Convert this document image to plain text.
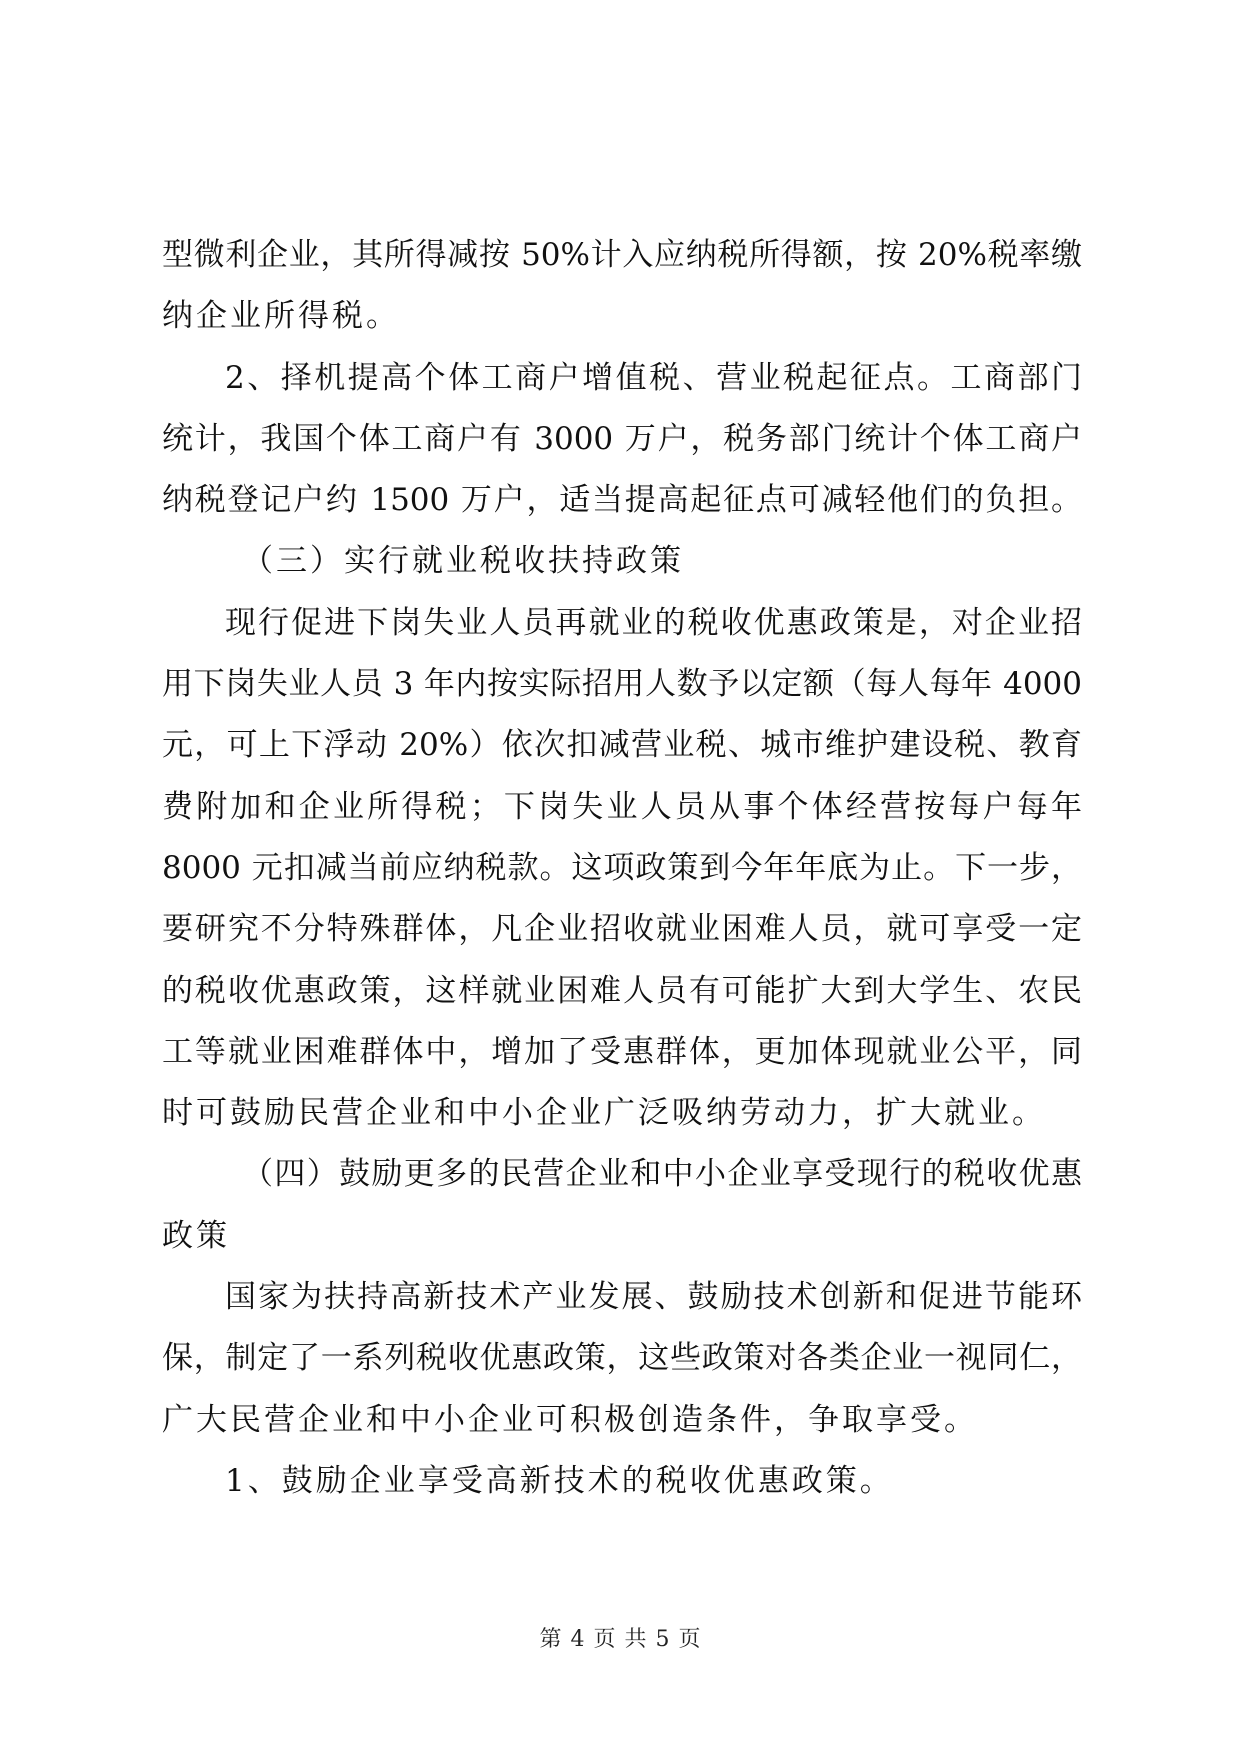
型微利企业，其所得减按 50%计入应纳税所得额，按 20%税率缴
纳企业所得税。
2、择机提高个体工商户增值税、营业税起征点。工商部门
统计，我国个体工商户有 3000 万户，税务部门统计个体工商户
纳税登记户约 1500 万户，适当提高起征点可减轻他们的负担。
（三）实行就业税收扶持政策
现行促进下岗失业人员再就业的税收优惠政策是，对企业招
用下岗失业人员 3 年内按实际招用人数予以定额（每人每年 4000
元，可上下浮动 20%）依次扣减营业税、城市维护建设税、教育
费附加和企业所得税；下岗失业人员从事个体经营按每户每年
8000 元扣减当前应纳税款。这项政策到今年年底为止。下一步，
要研究不分特殊群体，凡企业招收就业困难人员，就可享受一定
的税收优惠政策，这样就业困难人员有可能扩大到大学生、农民
工等就业困难群体中，增加了受惠群体，更加体现就业公平，同
时可鼓励民营企业和中小企业广泛吸纳劳动力，扩大就业。
（四）鼓励更多的民营企业和中小企业享受现行的税收优惠
政策
国家为扶持高新技术产业发展、鼓励技术创新和促进节能环
保，制定了一系列税收优惠政策，这些政策对各类企业一视同仁，
广大民营企业和中小企业可积极创造条件，争取享受。
1、鼓励企业享受高新技术的税收优惠政策。
第 4 页 共 5 页
